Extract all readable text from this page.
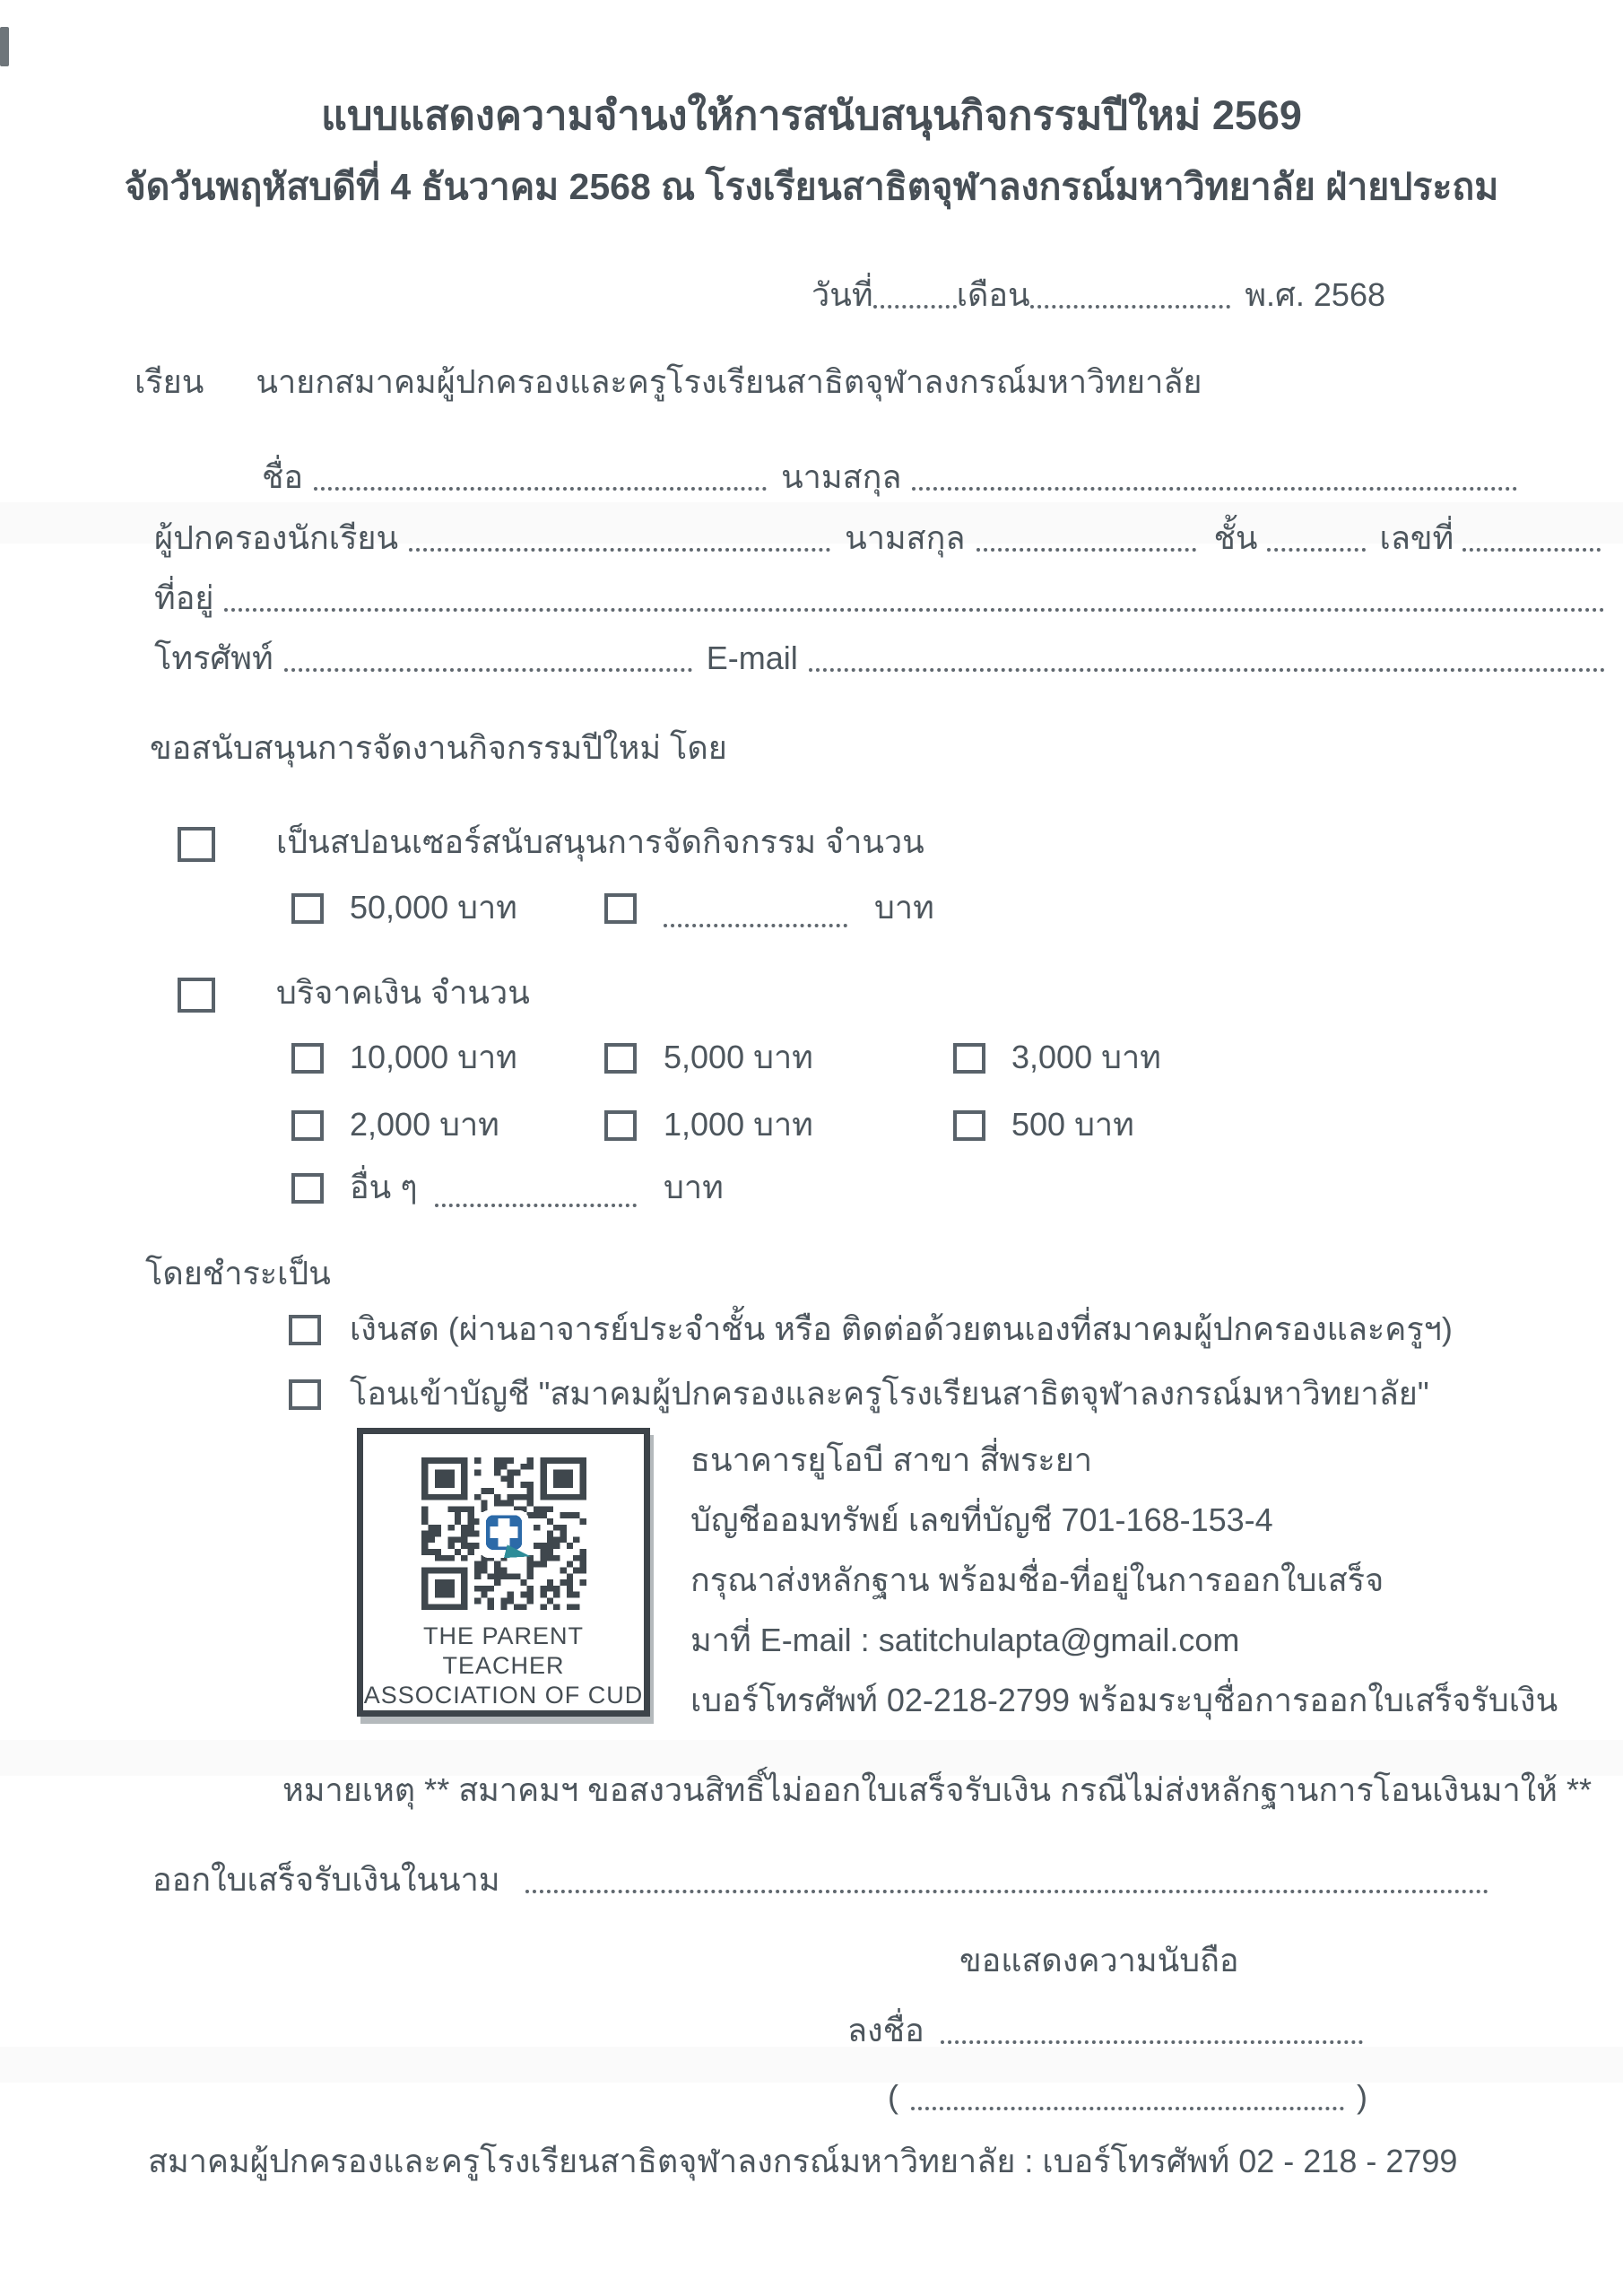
แบบแสดงความจำนงให้การสนับสนุนกิจกรรมปีใหม่ 2569
จัดวันพฤหัสบดีที่ 4 ธันวาคม 2568 ณ โรงเรียนสาธิตจุฬาลงกรณ์มหาวิทยาลัย ฝ่ายประถม
วันที่	เดือน	พ.ศ. 2568
เรียน นายกสมาคมผู้ปกครองและครูโรงเรียนสาธิตจุฬาลงกรณ์มหาวิทยาลัย
ชื่อ	นามสกุล
ผู้ปกครองนักเรียน	นามสกุล	ชั้น	เลขที่
ที่อยู่
โทรศัพท์	E-mail
ขอสนับสนุนการจัดงานกิจกรรมปีใหม่ โดย
เป็นสปอนเซอร์สนับสนุนการจัดกิจกรรม จำนวน
50,000 บาท	บาท
บริจาคเงิน จำนวน
10,000 บาท	5,000 บาท	3,000 บาท
2,000 บาท	1,000 บาท	500 บาท
อื่น ๆ	บาท
โดยชำระเป็น
เงินสด (ผ่านอาจารย์ประจำชั้น หรือ ติดต่อด้วยตนเองที่สมาคมผู้ปกครองและครูฯ)
โอนเข้าบัญชี "สมาคมผู้ปกครองและครูโรงเรียนสาธิตจุฬาลงกรณ์มหาวิทยาลัย"
THE PARENT TEACHER
ASSOCIATION OF CUD
ธนาคารยูโอบี สาขา สี่พระยา
บัญชีออมทรัพย์ เลขที่บัญชี 701-168-153-4
กรุณาส่งหลักฐาน พร้อมชื่อ-ที่อยู่ในการออกใบเสร็จ
มาที่ E-mail : satitchulapta@gmail.com
เบอร์โทรศัพท์ 02-218-2799 พร้อมระบุชื่อการออกใบเสร็จรับเงิน
หมายเหตุ ** สมาคมฯ ขอสงวนสิทธิ์ไม่ออกใบเสร็จรับเงิน กรณีไม่ส่งหลักฐานการโอนเงินมาให้ **
ออกใบเสร็จรับเงินในนาม
ขอแสดงความนับถือ
ลงชื่อ
(	)
สมาคมผู้ปกครองและครูโรงเรียนสาธิตจุฬาลงกรณ์มหาวิทยาลัย : เบอร์โทรศัพท์ 02 - 218 - 2799
